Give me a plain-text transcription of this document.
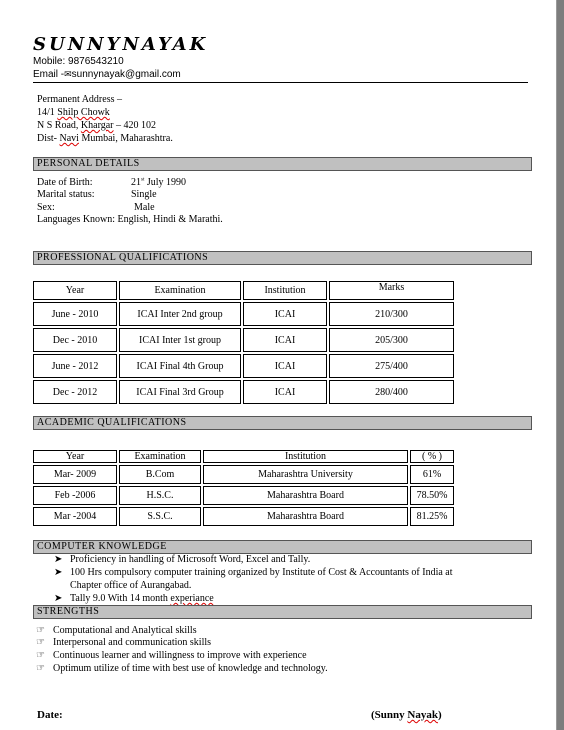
SUNNYNAYAK
Mobile: 9876543210
Email -✉sunnynayak@gmail.com
Permanent Address –
14/1 Shilp Chowk
N S Road, Khargar – 420 102
Dist- Navi Mumbai, Maharashtra.
PERSONAL DETAILS
Date of Birth:	21st July 1990
Marital status:	Single
Sex:	Male
Languages Known: English, Hindi & Marathi.
PROFESSIONAL QUALIFICATIONS
Year	Examination	Institution	Marks
June - 2010	ICAI Inter 2nd group	ICAI	210/300
Dec - 2010	ICAI Inter 1st group	ICAI	205/300
June - 2012	ICAI Final 4th Group	ICAI	275/400
Dec - 2012	ICAI Final 3rd Group	ICAI	280/400
ACADEMIC QUALIFICATIONS
Year	Examination	Institution	( % )
Mar- 2009	B.Com	Maharashtra University	61%
Feb -2006	H.S.C.	Maharashtra Board	78.50%
Mar -2004	S.S.C.	Maharashtra Board	81.25%
COMPUTER KNOWLEDGE
➤ Proficiency in handling of Microsoft Word, Excel and Tally.
➤ 100 Hrs compulsory computer training organized by Institute of Cost & Accountants of India at
Chapter office of Aurangabad.
➤ Tally 9.0 With 14 month experiance
STRENGTHS
☞ Computational and Analytical skills
☞ Interpersonal and communication skills
☞ Continuous learner and willingness to improve with experience
☞ Optimum utilize of time with best use of knowledge and technology.
Date:	(Sunny Nayak)
